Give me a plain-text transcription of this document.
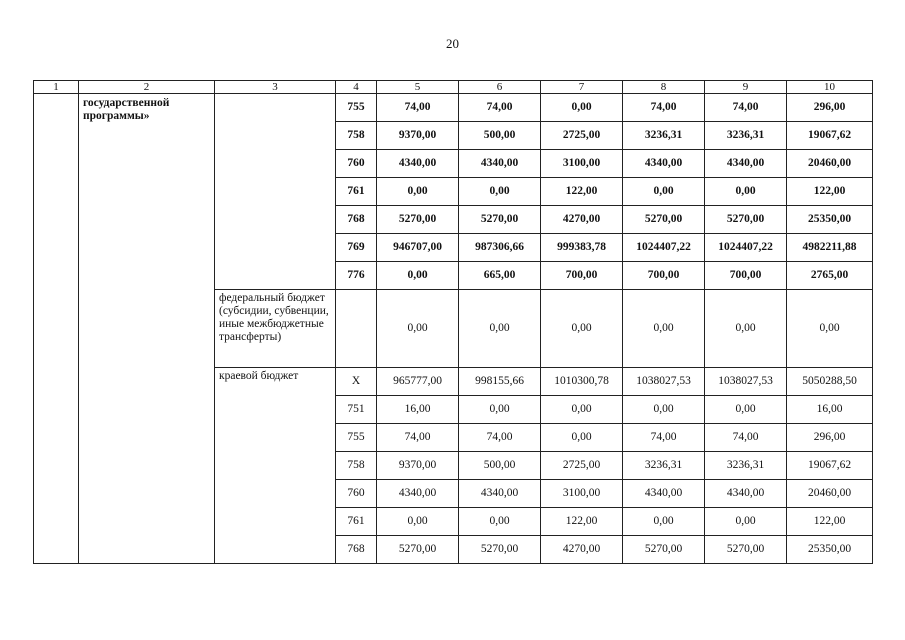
20
1	2	3	4	5	6	7	8	9	10
	государственной программы»		755	74,00	74,00	0,00	74,00	74,00	296,00
			758	9370,00	500,00	2725,00	3236,31	3236,31	19067,62
			760	4340,00	4340,00	3100,00	4340,00	4340,00	20460,00
			761	0,00	0,00	122,00	0,00	0,00	122,00
			768	5270,00	5270,00	4270,00	5270,00	5270,00	25350,00
			769	946707,00	987306,66	999383,78	1024407,22	1024407,22	4982211,88
			776	0,00	665,00	700,00	700,00	700,00	2765,00
		федеральный бюджет (субсидии, субвенции, иные межбюджетные трансферты)		0,00	0,00	0,00	0,00	0,00	0,00
		краевой бюджет	X	965777,00	998155,66	1010300,78	1038027,53	1038027,53	5050288,50
			751	16,00	0,00	0,00	0,00	0,00	16,00
			755	74,00	74,00	0,00	74,00	74,00	296,00
			758	9370,00	500,00	2725,00	3236,31	3236,31	19067,62
			760	4340,00	4340,00	3100,00	4340,00	4340,00	20460,00
			761	0,00	0,00	122,00	0,00	0,00	122,00
			768	5270,00	5270,00	4270,00	5270,00	5270,00	25350,00
